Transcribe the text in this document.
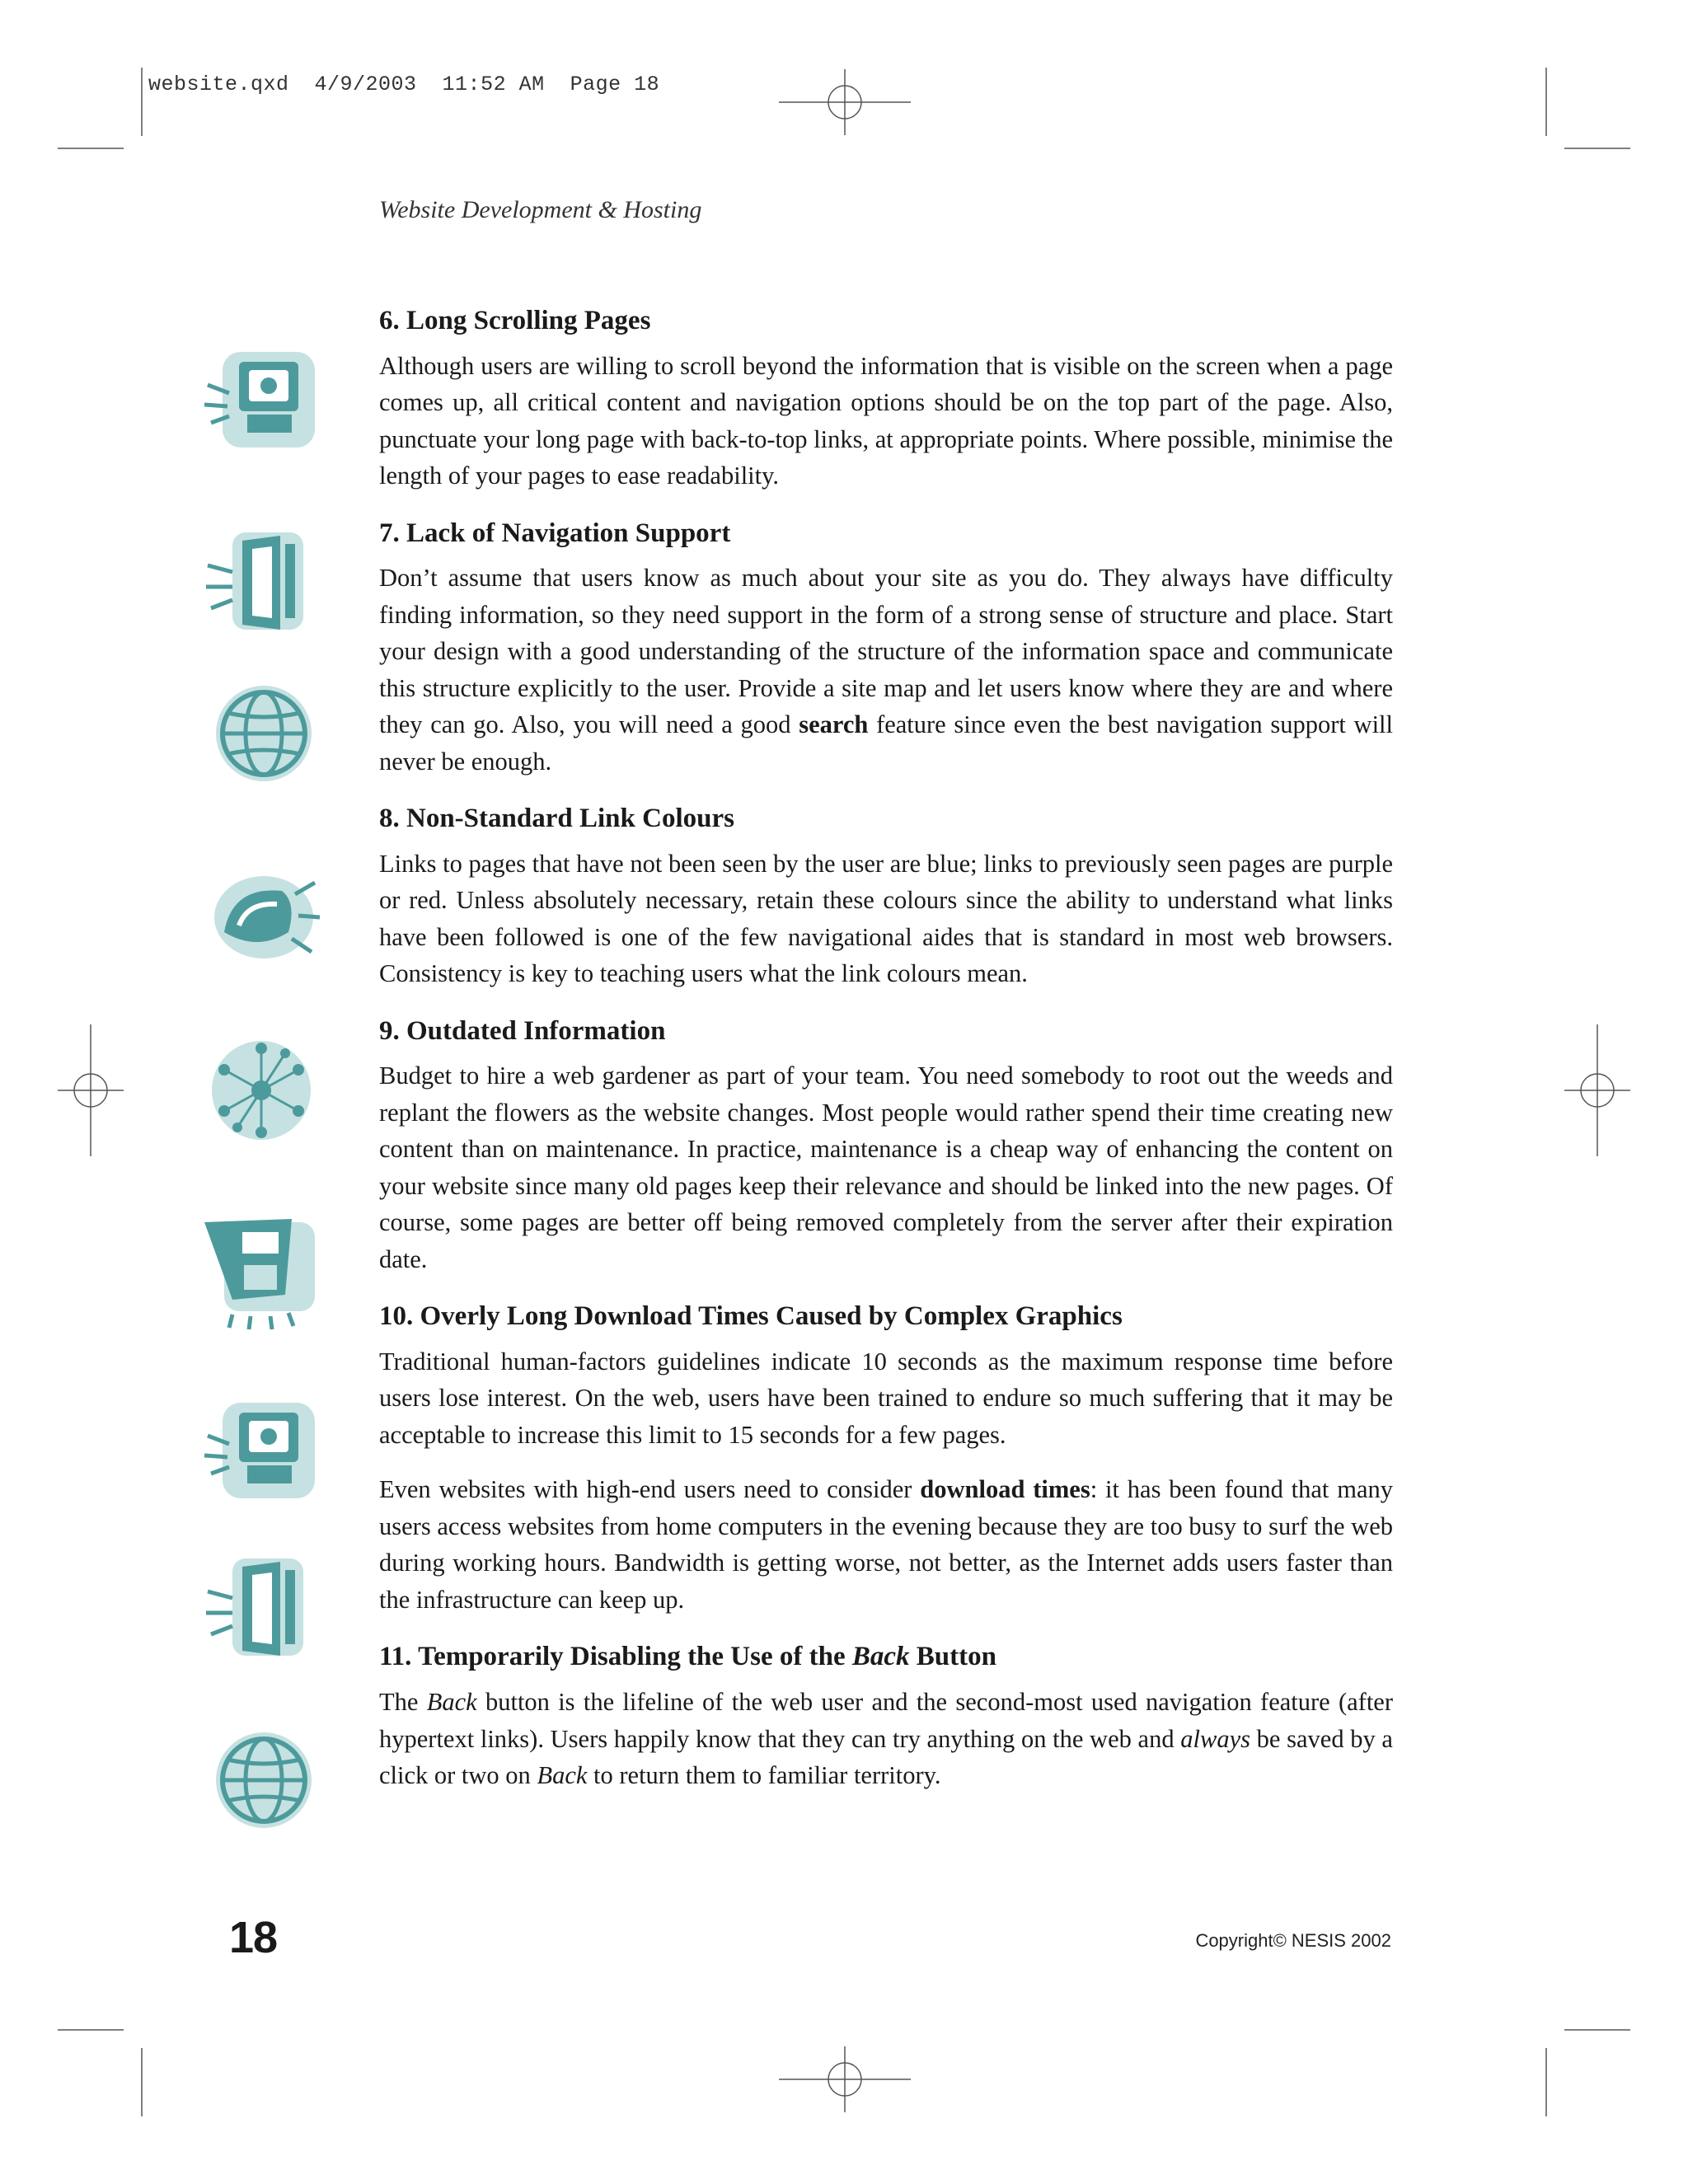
website.qxd  4/9/2003  11:52 AM  Page 18
Website Development & Hosting
6. Long Scrolling Pages

Although users are willing to scroll beyond the information that is visible on the screen when a page comes up, all critical content and navigation options should be on the top part of the page. Also, punctuate your long page with back-to-top links, at appropriate points. Where possible, minimise the length of your pages to ease readability.

7. Lack of Navigation Support

Don’t assume that users know as much about your site as you do. They always have difficulty finding information, so they need support in the form of a strong sense of structure and place. Start your design with a good understanding of the structure of the information space and communicate this structure explicitly to the user. Provide a site map and let users know where they are and where they can go. Also, you will need a good search feature since even the best navigation support will never be enough.

8. Non-Standard Link Colours

Links to pages that have not been seen by the user are blue; links to previously seen pages are purple or red. Unless absolutely necessary, retain these colours since the ability to understand what links have been followed is one of the few navigational aides that is standard in most web browsers. Consistency is key to teaching users what the link colours mean.

9. Outdated Information

Budget to hire a web gardener as part of your team. You need somebody to root out the weeds and replant the flowers as the website changes. Most people would rather spend their time creating new content than on maintenance. In practice, maintenance is a cheap way of enhancing the content on your website since many old pages keep their relevance and should be linked into the new pages. Of course, some pages are better off being removed completely from the server after their expiration date.

10. Overly Long Download Times Caused by Complex Graphics

Traditional human-factors guidelines indicate 10 seconds as the maximum response time before users lose interest. On the web, users have been trained to endure so much suffering that it may be acceptable to increase this limit to 15 seconds for a few pages.

Even websites with high-end users need to consider download times: it has been found that many users access websites from home computers in the evening because they are too busy to surf the web during working hours. Bandwidth is getting worse, not better, as the Internet adds users faster than the infrastructure can keep up.

11. Temporarily Disabling the Use of the Back Button

The Back button is the lifeline of the web user and the second-most used navigation feature (after hypertext links). Users happily know that they can try anything on the web and always be saved by a click or two on Back to return them to familiar territory.

18	Copyright© NESIS 2002
